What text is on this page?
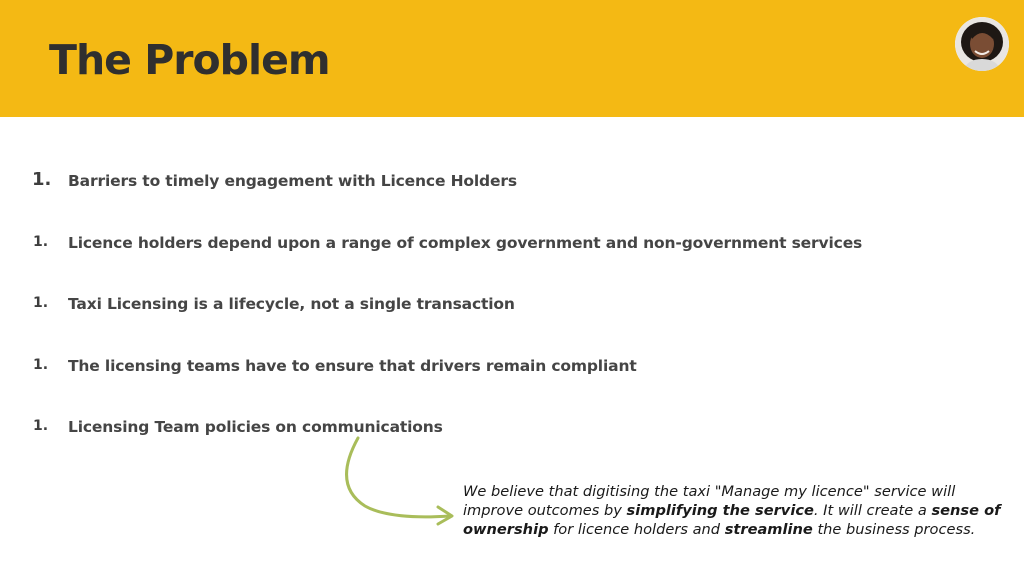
The Problem
1. Barriers to timely engagement with Licence Holders
1. Licence holders depend upon a range of complex government and non-government services
1. Taxi Licensing is a lifecycle, not a single transaction
1. The licensing teams have to ensure that drivers remain compliant
1. Licensing Team policies on communications

We believe that digitising the taxi "Manage my licence" service will improve outcomes by simplifying the service. It will create a sense of ownership for licence holders and streamline the business process.
